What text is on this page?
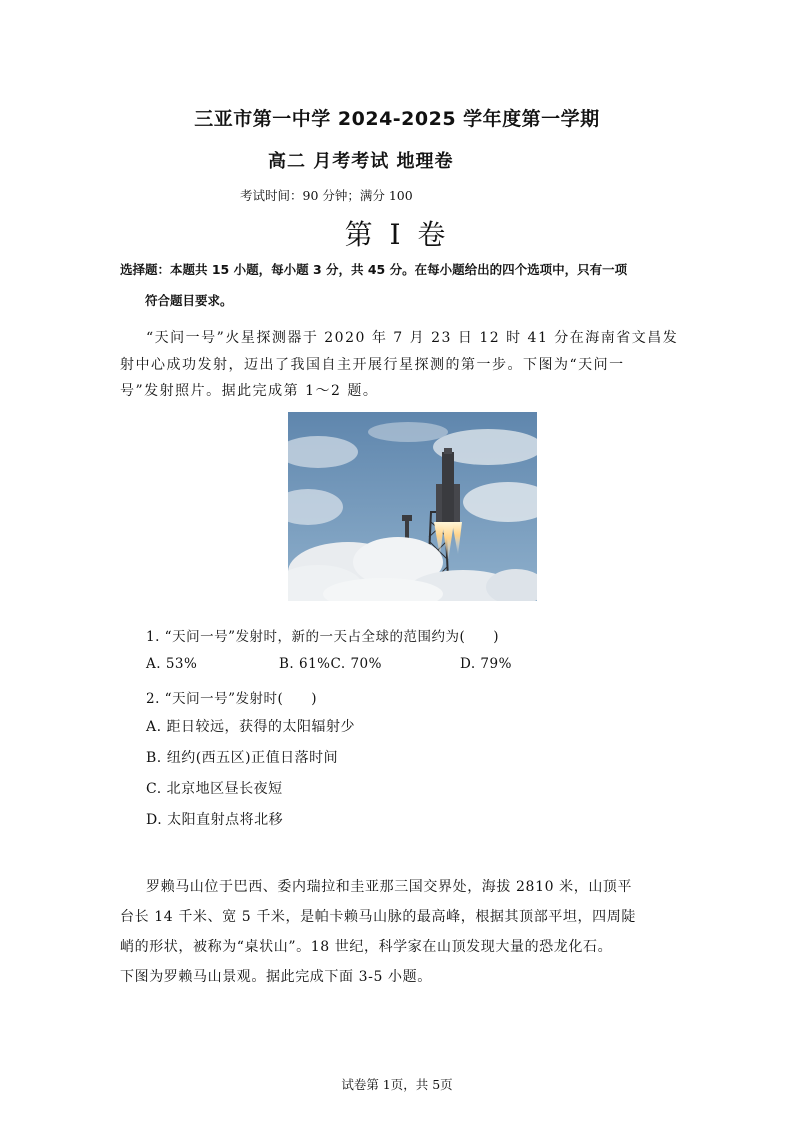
三亚市第一中学 2024-2025 学年度第一学期
高二 月考考试 地理卷
考试时间：90 分钟；满分 100
第 I 卷
选择题：本题共 15 小题，每小题 3 分，共 45 分。在每小题给出的四个选项中，只有一项
符合题目要求。
“天问一号”火星探测器于 2020 年 7 月 23 日 12 时 41 分在海南省文昌发
射中心成功发射，迈出了我国自主开展行星探测的第一步。下图为“天问一
号”发射照片。据此完成第 1～2 题。
1. “天问一号”发射时，新的一天占全球的范围约为(　　)
A. 53%	B. 61%C. 70%	D. 79%
2. “天问一号”发射时(　　)
A. 距日较远，获得的太阳辐射少
B. 纽约(西五区)正值日落时间
C. 北京地区昼长夜短
D. 太阳直射点将北移
罗赖马山位于巴西、委内瑞拉和圭亚那三国交界处，海拔 2810 米，山顶平
台长 14 千米、宽 5 千米，是帕卡赖马山脉的最高峰，根据其顶部平坦，四周陡
峭的形状，被称为“桌状山”。18 世纪，科学家在山顶发现大量的恐龙化石。
下图为罗赖马山景观。据此完成下面 3-5 小题。
试卷第 1页，共 5页
